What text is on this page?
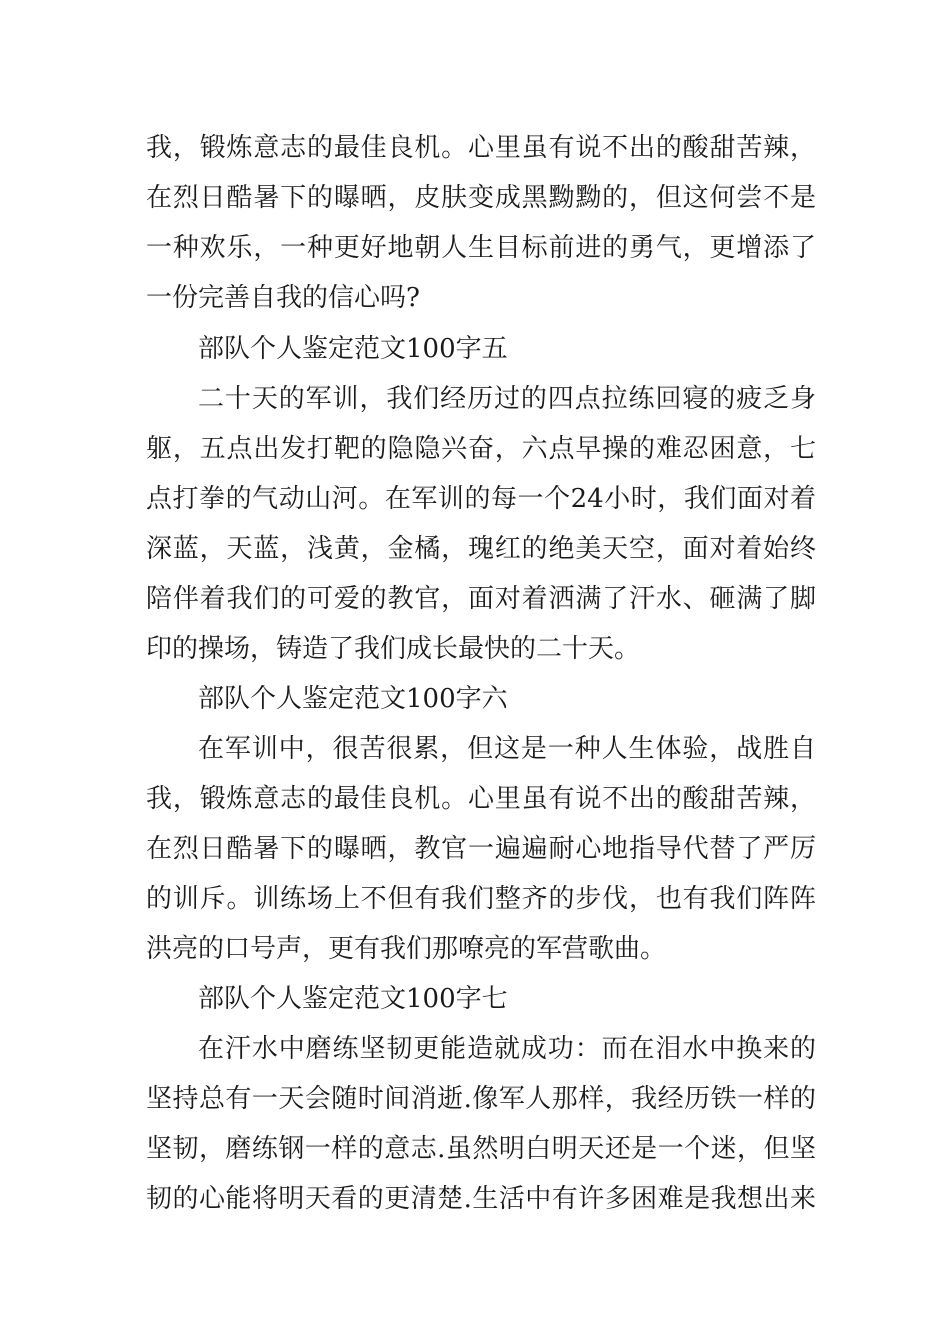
我，锻炼意志的最佳良机。心里虽有说不出的酸甜苦辣，
在烈日酷暑下的曝晒，皮肤变成黑黝黝的，但这何尝不是
一种欢乐，一种更好地朝人生目标前进的勇气，更增添了
一份完善自我的信心吗?
部队个人鉴定范文100字五
二十天的军训，我们经历过的四点拉练回寝的疲乏身
躯，五点出发打靶的隐隐兴奋，六点早操的难忍困意，七
点打拳的气动山河。在军训的每一个24小时，我们面对着
深蓝，天蓝，浅黄，金橘，瑰红的绝美天空，面对着始终
陪伴着我们的可爱的教官，面对着洒满了汗水、砸满了脚
印的操场，铸造了我们成长最快的二十天。
部队个人鉴定范文100字六
在军训中，很苦很累，但这是一种人生体验，战胜自
我，锻炼意志的最佳良机。心里虽有说不出的酸甜苦辣，
在烈日酷暑下的曝晒，教官一遍遍耐心地指导代替了严厉
的训斥。训练场上不但有我们整齐的步伐，也有我们阵阵
洪亮的口号声，更有我们那嘹亮的军营歌曲。
部队个人鉴定范文100字七
在汗水中磨练坚韧更能造就成功：而在泪水中换来的
坚持总有一天会随时间消逝.像军人那样，我经历铁一样的
坚韧，磨练钢一样的意志.虽然明白明天还是一个迷，但坚
韧的心能将明天看的更清楚.生活中有许多困难是我想出来
